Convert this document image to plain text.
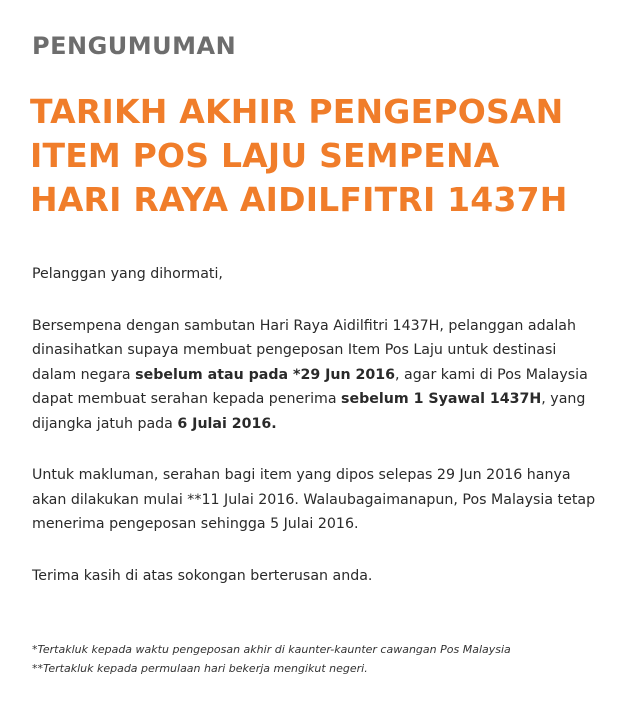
PENGUMUMAN
TARIKH AKHIR PENGEPOSAN
ITEM POS LAJU SEMPENA
HARI RAYA AIDILFITRI 1437H

Pelanggan yang dihormati,

Bersempena dengan sambutan Hari Raya Aidilfitri 1437H, pelanggan adalah dinasihatkan supaya membuat pengeposan Item Pos Laju untuk destinasi dalam negara sebelum atau pada *29 Jun 2016, agar kami di Pos Malaysia dapat membuat serahan kepada penerima sebelum 1 Syawal 1437H, yang dijangka jatuh pada 6 Julai 2016.

Untuk makluman, serahan bagi item yang dipos selepas 29 Jun 2016 hanya akan dilakukan mulai **11 Julai 2016. Walaubagaimanapun, Pos Malaysia tetap menerima pengeposan sehingga 5 Julai 2016.

Terima kasih di atas sokongan berterusan anda.

*Tertakluk kepada waktu pengeposan akhir di kaunter-kaunter cawangan Pos Malaysia
**Tertakluk kepada permulaan hari bekerja mengikut negeri.
